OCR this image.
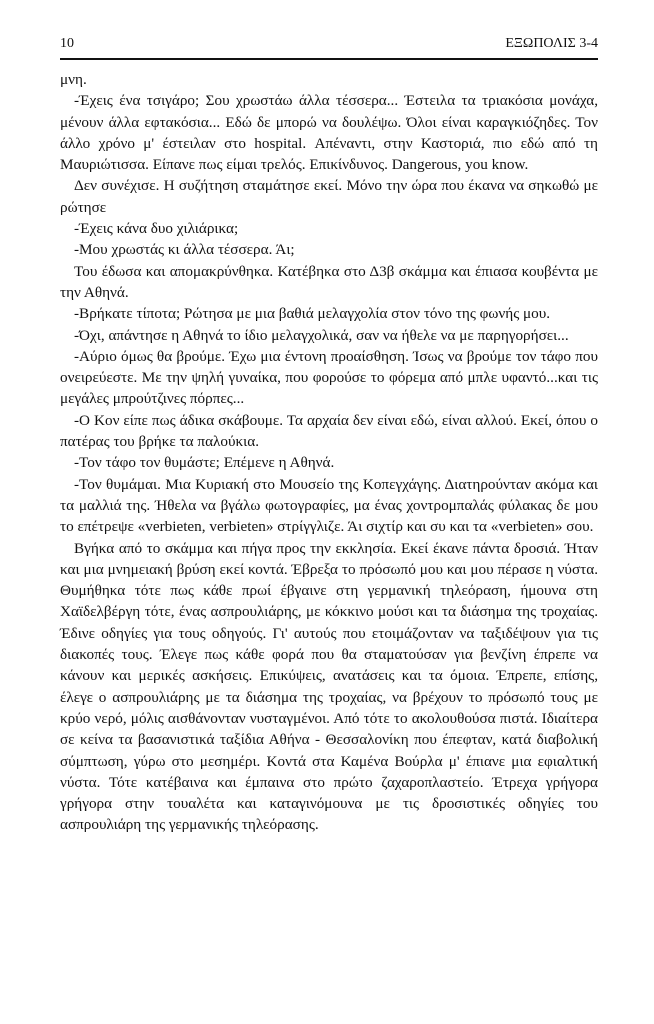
10	ΕΞΩΠΟΛΙΣ 3-4

μνη.

-Έχεις ένα τσιγάρο; Σου χρωστάω άλλα τέσσερα... Έστειλα τα τριακόσια μονάχα, μένουν άλλα εφτακόσια... Εδώ δε μπορώ να δουλέψω. Όλοι είναι καραγκιόζηδες. Τον άλλο χρόνο μ' έστειλαν στο hospital. Απέναντι, στην Καστοριά, πιο εδώ από τη Μαυριώτισσα. Είπανε πως είμαι τρελός. Επικίνδυνος. Dangerous, you know.

Δεν συνέχισε. Η συζήτηση σταμάτησε εκεί. Μόνο την ώρα που έκανα να σηκωθώ με ρώτησε

-Έχεις κάνα δυο χιλιάρικα;

-Μου χρωστάς κι άλλα τέσσερα. Άι;

Του έδωσα και απομακρύνθηκα. Κατέβηκα στο Δ3β σκάμμα και έπιασα κουβέντα με την Αθηνά.

-Βρήκατε τίποτα; Ρώτησα με μια βαθιά μελαγχολία στον τόνο της φωνής μου.

-Όχι, απάντησε η Αθηνά το ίδιο μελαγχολικά, σαν να ήθελε να με παρηγορήσει...

-Αύριο όμως θα βρούμε. Έχω μια έντονη προαίσθηση. Ίσως να βρούμε τον τάφο που ονειρεύεστε. Με την ψηλή γυναίκα, που φορούσε το φόρεμα από μπλε υφαντό...και τις μεγάλες μπρούτζινες πόρπες...

-Ο Κον είπε πως άδικα σκάβουμε. Τα αρχαία δεν είναι εδώ, είναι αλλού. Εκεί, όπου ο πατέρας του βρήκε τα παλούκια.

-Τον τάφο τον θυμάστε; Επέμενε η Αθηνά.

-Τον θυμάμαι. Μια Κυριακή στο Μουσείο της Κοπεγχάγης. Διατηρούνταν ακόμα και τα μαλλιά της. Ήθελα να βγάλω φωτογραφίες, μα ένας χοντρομπαλάς φύλακας δε μου το επέτρεψε «verbieten, verbieten» στρίγγλιζε. Άι σιχτίρ και συ και τα «verbieten» σου.

Βγήκα από το σκάμμα και πήγα προς την εκκλησία. Εκεί έκανε πάντα δροσιά. Ήταν και μια μνημειακή βρύση εκεί κοντά. Έβρεξα το πρόσωπό μου και μου πέρασε η νύστα. Θυμήθηκα τότε πως κάθε πρωί έβγαινε στη γερμανική τηλεόραση, ήμουνα στη Χαϊδελβέργη τότε, ένας ασπρουλιάρης, με κόκκινο μούσι και τα διάσημα της τροχαίας. Έδινε οδηγίες για τους οδηγούς. Γι' αυτούς που ετοιμάζονταν να ταξιδέψουν για τις διακοπές τους. Έλεγε πως κάθε φορά που θα σταματούσαν για βενζίνη έπρεπε να κάνουν και μερικές ασκήσεις. Επικύψεις, ανατάσεις και τα όμοια. Έπρεπε, επίσης, έλεγε ο ασπρουλιάρης με τα διάσημα της τροχαίας, να βρέχουν το πρόσωπό τους με κρύο νερό, μόλις αισθάνονταν νυσταγμένοι. Από τότε το ακολουθούσα πιστά. Ιδιαίτερα σε κείνα τα βασανιστικά ταξίδια Αθήνα - Θεσσαλονίκη που έπεφταν, κατά διαβολική σύμπτωση, γύρω στο μεσημέρι. Κοντά στα Καμένα Βούρλα μ' έπιανε μια εφιαλτική νύστα. Τότε κατέβαινα και έμπαινα στο πρώτο ζαχαροπλαστείο. Έτρεχα γρήγορα γρήγορα στην τουαλέτα και καταγινόμουνα με τις δροσιστικές οδηγίες του ασπρουλιάρη της γερμανικής τηλεόρασης.
